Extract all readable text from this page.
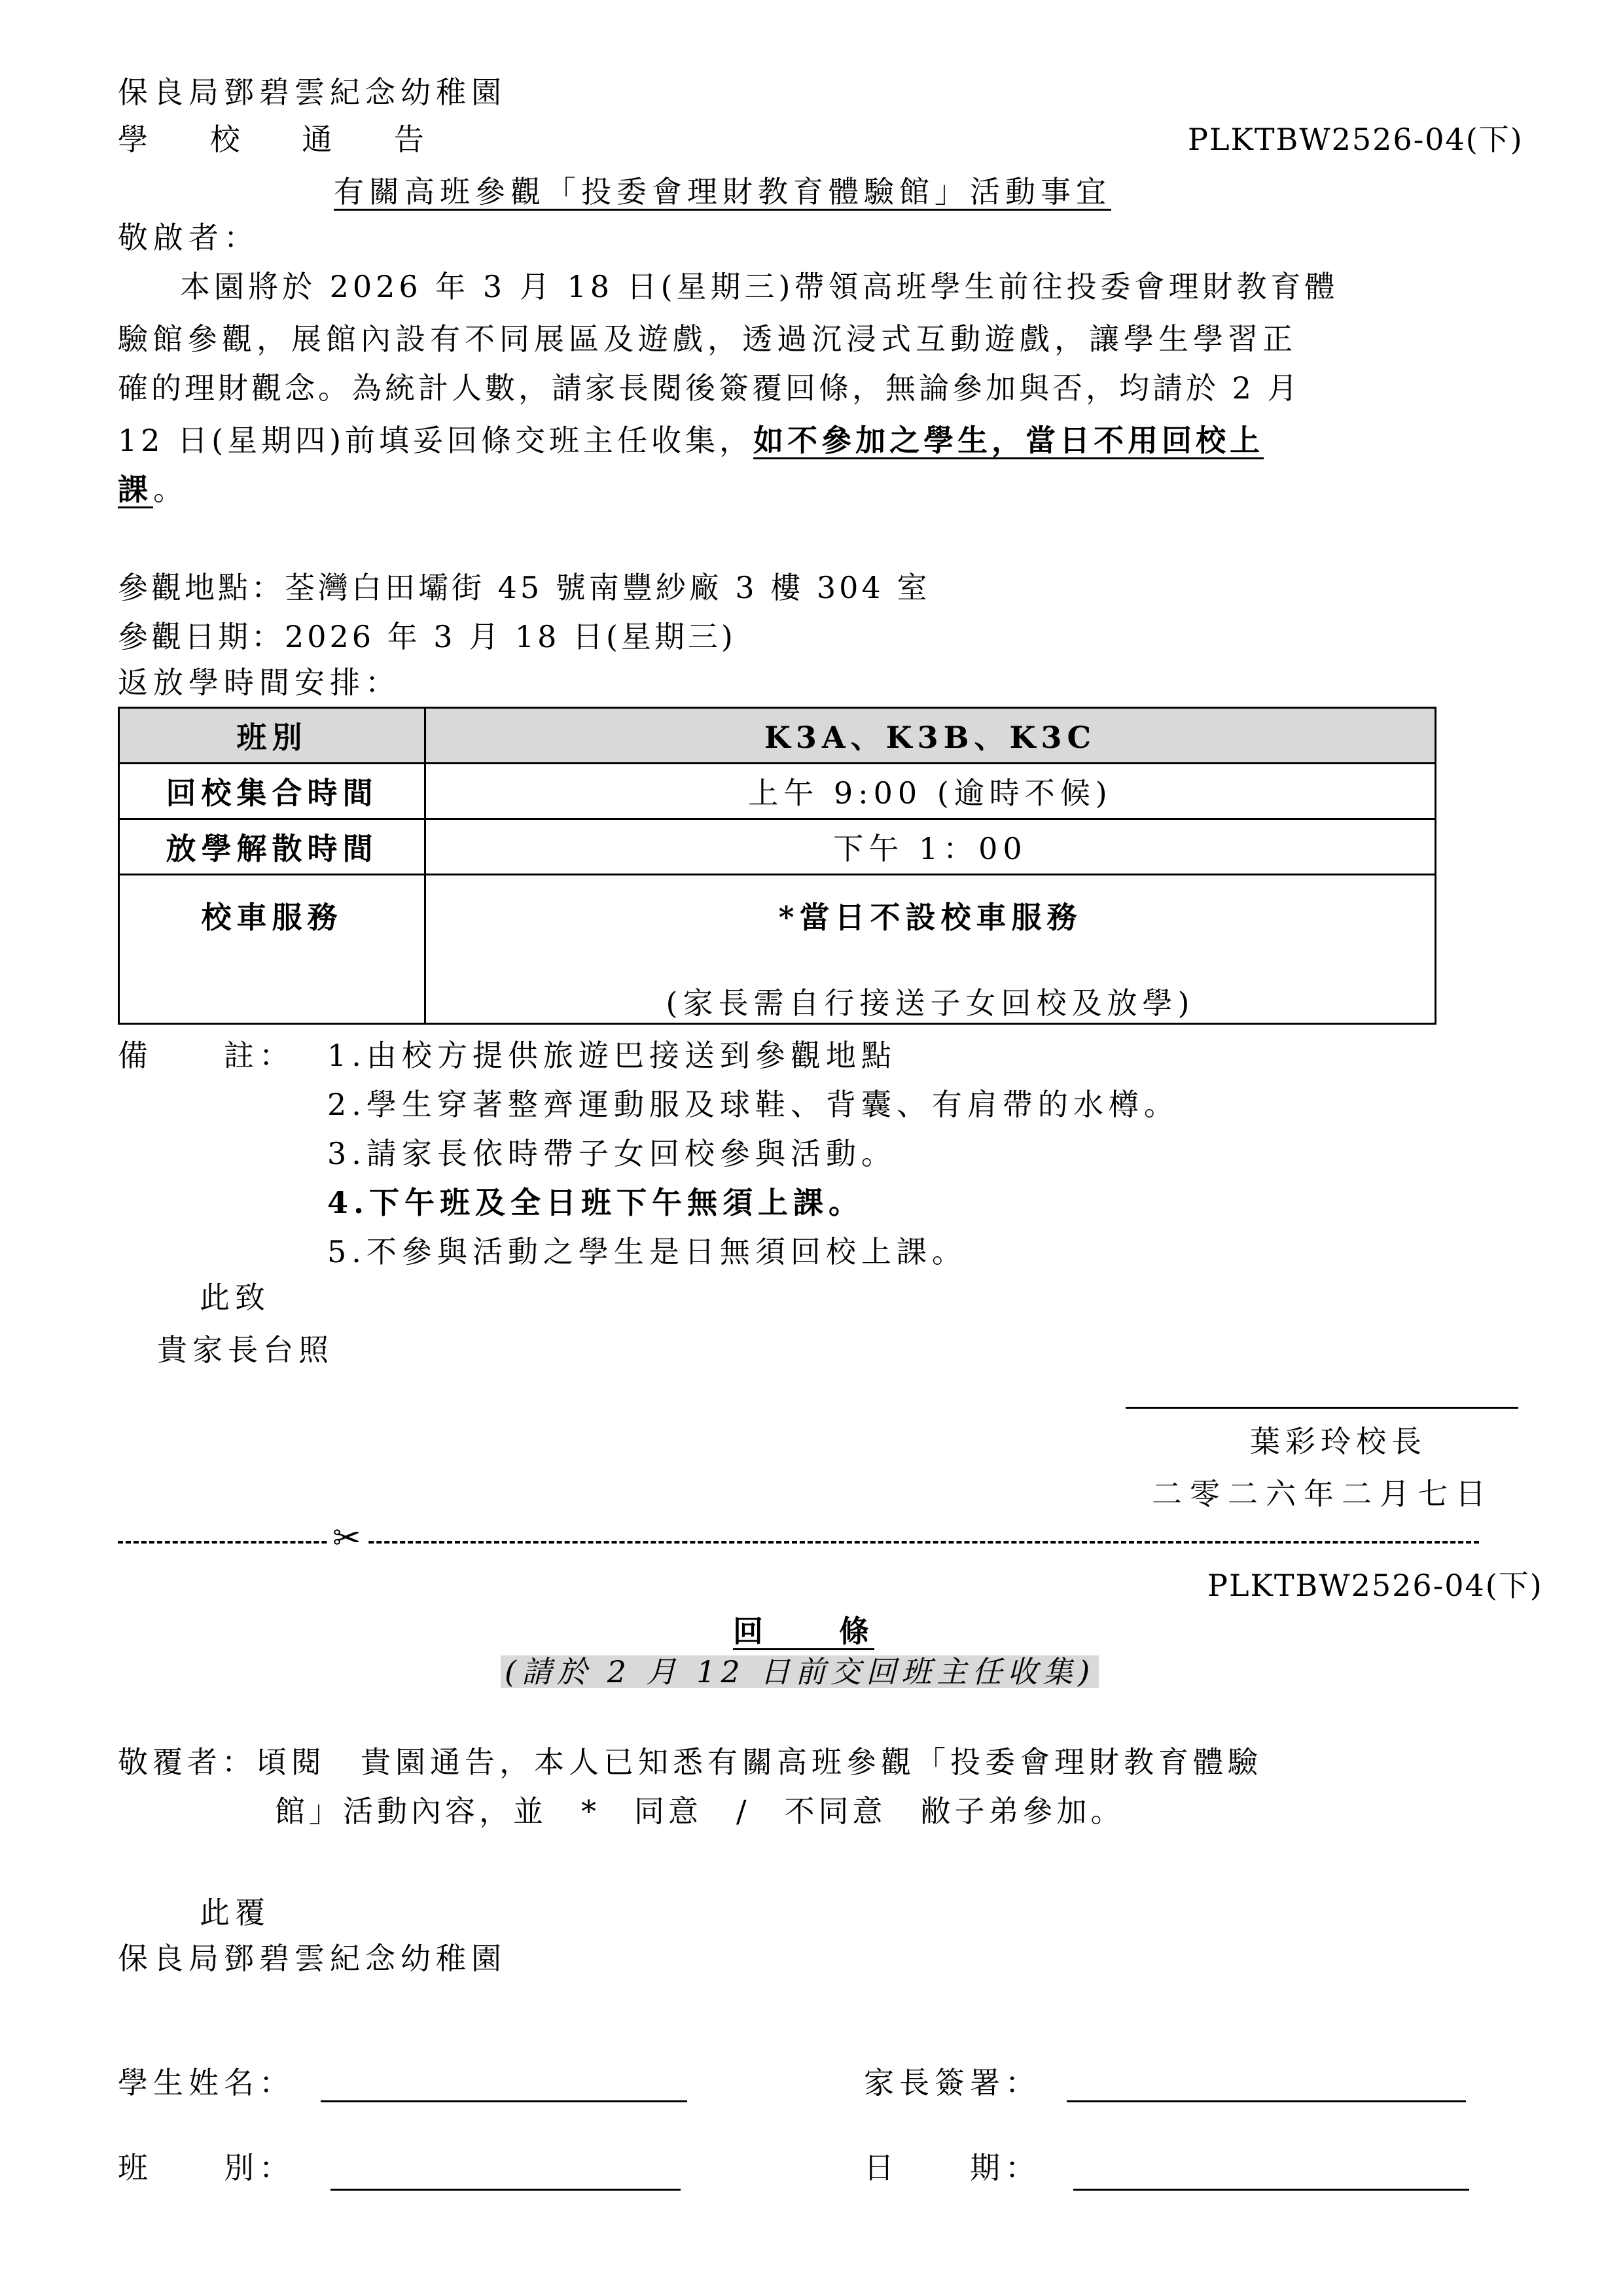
保良局鄧碧雲紀念幼稚園
學 校 通 告	PLKTBW2526-04(下)
有關高班參觀「投委會理財教育體驗館」活動事宜
敬啟者：
本園將於 2026 年 3 月 18 日(星期三)帶領高班學生前往投委會理財教育體
驗館參觀，展館內設有不同展區及遊戲，透過沉浸式互動遊戲，讓學生學習正
確的理財觀念。為統計人數，請家長閱後簽覆回條，無論參加與否，均請於 2 月
12 日(星期四)前填妥回條交班主任收集，如不參加之學生，當日不用回校上
課。
參觀地點：荃灣白田壩街 45 號南豐紗廠 3 樓 304 室
參觀日期：2026 年 3 月 18 日(星期三)
返放學時間安排：
班別	K3A、K3B、K3C
回校集合時間	上午 9:00 (逾時不候)
放學解散時間	下午 1：00
校車服務	*當日不設校車服務
(家長需自行接送子女回校及放學)
備　　註： 1.由校方提供旅遊巴接送到參觀地點
2.學生穿著整齊運動服及球鞋、背囊、有肩帶的水樽。
3.請家長依時帶子女回校參與活動。
4.下午班及全日班下午無須上課。
5.不參與活動之學生是日無須回校上課。
此致
貴家長台照
葉彩玲校長
二零二六年二月七日
✂
PLKTBW2526-04(下)
回　　條
(請於 2 月 12 日前交回班主任收集)
敬覆者：頃閱　貴園通告，本人已知悉有關高班參觀「投委會理財教育體驗
館」活動內容，並　*　同意　/　不同意　敝子弟參加。
此覆
保良局鄧碧雲紀念幼稚園
學生姓名：	家長簽署：
班　　別：	日　　期：
